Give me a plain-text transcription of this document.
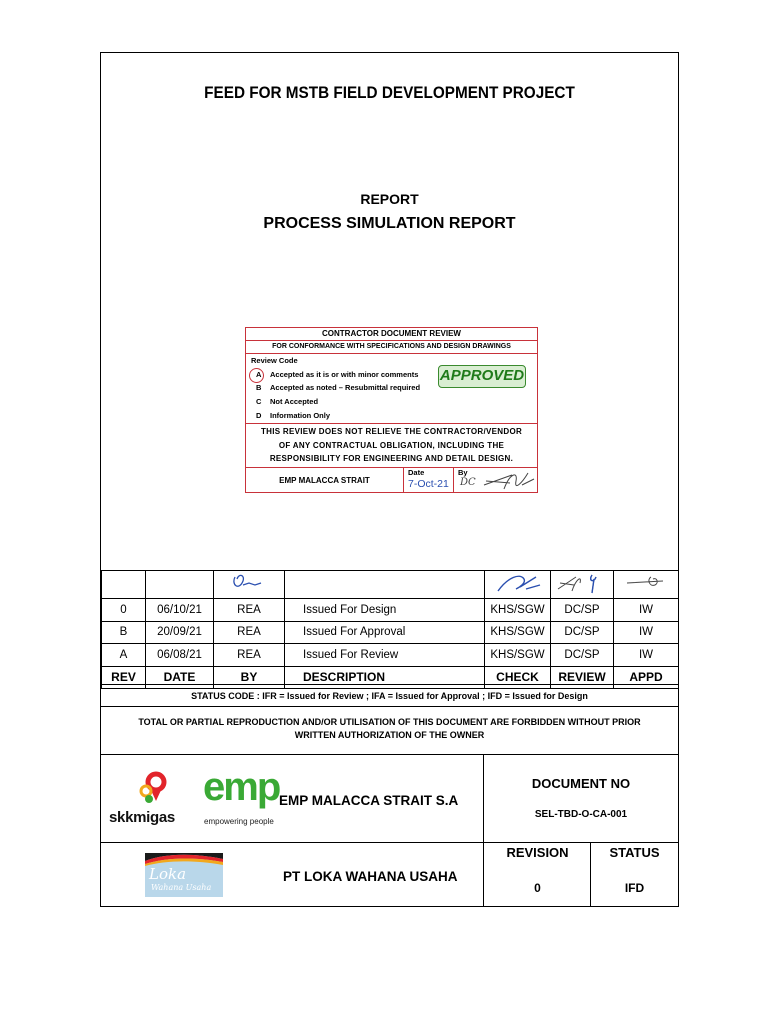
FEED FOR MSTB FIELD DEVELOPMENT PROJECT
REPORT
PROCESS SIMULATION REPORT
CONTRACTOR DOCUMENT REVIEW
FOR CONFORMANCE WITH SPECIFICATIONS AND DESIGN DRAWINGS
Review Code
A Accepted as it is or with minor comments
B Accepted as noted – Resubmittal required
C Not Accepted
D Information Only
APPROVED
THIS REVIEW DOES NOT RELIEVE THE CONTRACTOR/VENDOR
OF ANY CONTRACTUAL OBLIGATION, INCLUDING THE
RESPONSIBILITY FOR ENGINEERING AND DETAIL DESIGN.
EMP MALACCA STRAIT
Date
7-Oct-21
By
DC

0	06/10/21	REA	Issued For Design	KHS/SGW	DC/SP	IW
B	20/09/21	REA	Issued For Approval	KHS/SGW	DC/SP	IW
A	06/08/21	REA	Issued For Review	KHS/SGW	DC/SP	IW
REV	DATE	BY	DESCRIPTION	CHECK	REVIEW	APPD
STATUS CODE : IFR = Issued for Review ; IFA = Issued for Approval ; IFD = Issued for Design
TOTAL OR PARTIAL REPRODUCTION AND/OR UTILISATION OF THIS DOCUMENT ARE FORBIDDEN WITHOUT PRIOR WRITTEN AUTHORIZATION OF THE OWNER
skkmigas
emp
empowering people
EMP MALACCA STRAIT S.A
DOCUMENT NO
SEL-TBD-O-CA-001
Loka
Wahana Usaha
PT LOKA WAHANA USAHA
REVISION	STATUS
0	IFD
